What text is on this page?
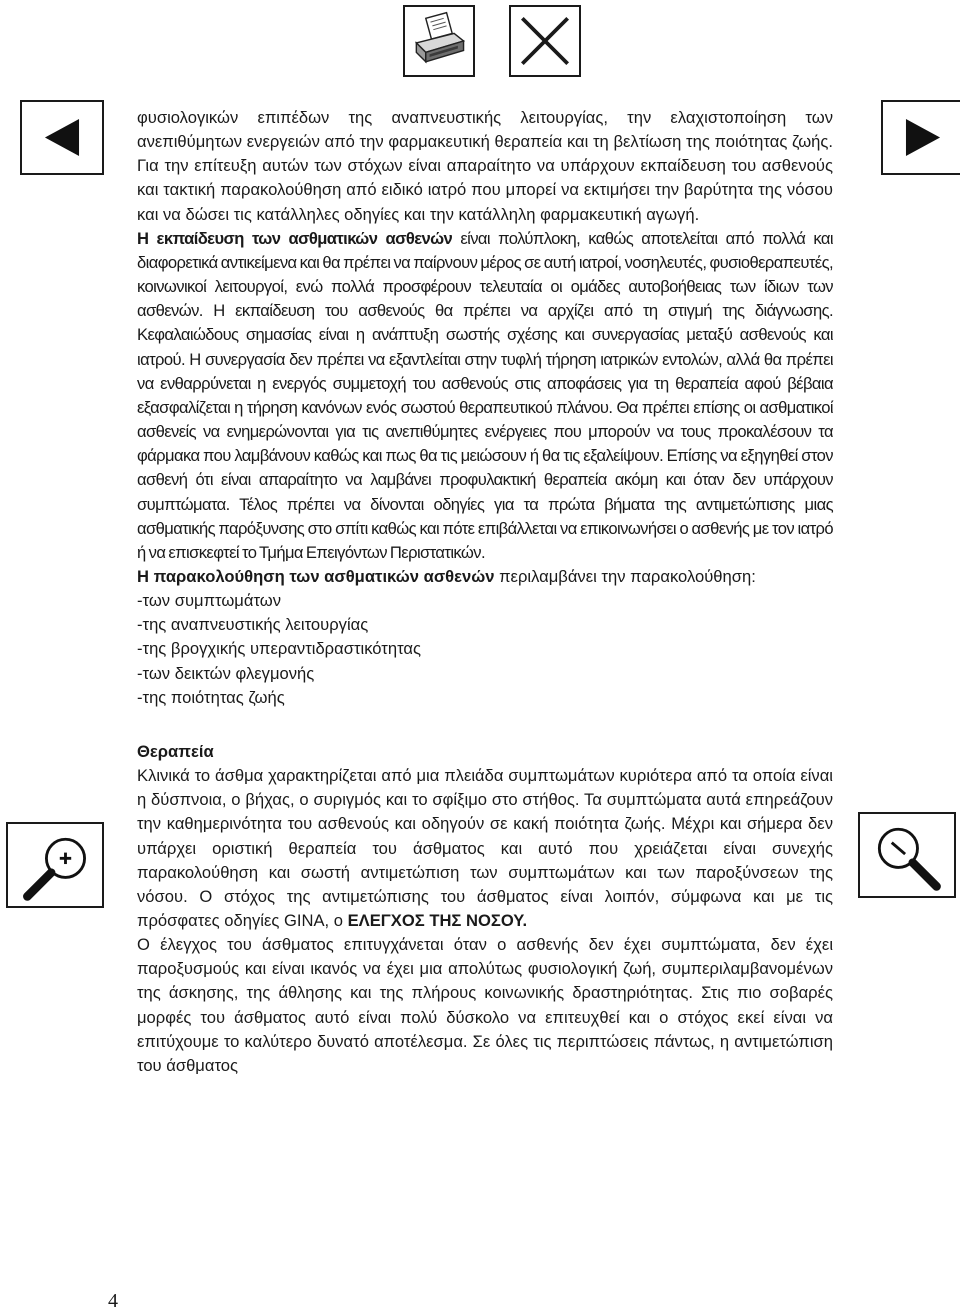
φυσιολογικών επιπέδων της αναπνευστικής λειτουργίας, την ελαχιστοποίηση των ανεπιθύμητων ενεργειών από την φαρμακευτική θεραπεία και τη βελτίωση της ποιότητας ζωής. Για την επίτευξη αυτών των στόχων είναι απαραίτητο να υπάρχουν εκπαίδευση του ασθενούς και τακτική παρακολούθηση από ειδικό ιατρό που μπορεί να εκτιμήσει την βαρύτητα της νόσου και να δώσει τις κατάλληλες οδηγίες και την κατάλληλη φαρμακευτική αγωγή.

Η εκπαίδευση των ασθματικών ασθενών είναι πολύπλοκη, καθώς αποτελείται από πολλά και διαφορετικά αντικείμενα και θα πρέπει να παίρνουν μέρος σε αυτή ιατροί, νοσηλευτές, φυσιοθεραπευτές, κοινωνικοί λειτουργοί, ενώ πολλά προσφέρουν τελευταία οι ομάδες αυτοβοήθειας των ίδιων των ασθενών. Η εκπαίδευση του ασθενούς θα πρέπει να αρχίζει από τη στιγμή της διάγνωσης. Κεφαλαιώδους σημασίας είναι η ανάπτυξη σωστής σχέσης και συνεργασίας μεταξύ ασθενούς και ιατρού. Η συνεργασία δεν πρέπει να εξαντλείται στην τυφλή τήρηση ιατρικών εντολών, αλλά θα πρέπει να ενθαρρύνεται η ενεργός συμμετοχή του ασθενούς στις αποφάσεις για τη θεραπεία αφού βέβαια εξασφαλίζεται η τήρηση κανόνων ενός σωστού θεραπευτικού πλάνου. Θα πρέπει επίσης οι ασθματικοί ασθενείς να ενημερώνονται για τις ανεπιθύμητες ενέργειες που μπορούν να τους προκαλέσουν τα φάρμακα που λαμβάνουν καθώς και πως θα τις μειώσουν ή θα τις εξαλείψουν. Επίσης να εξηγηθεί στον ασθενή ότι είναι απαραίτητο να λαμβάνει προφυλακτική θεραπεία ακόμη και όταν δεν υπάρχουν συμπτώματα. Τέλος πρέπει να δίνονται οδηγίες για τα πρώτα βήματα της αντιμετώπισης μιας ασθματικής παρόξυνσης στο σπίτι καθώς και πότε επιβάλλεται να επικοινωνήσει ο ασθενής με τον ιατρό ή να επισκεφτεί το Τμήμα Επειγόντων Περιστατικών.

Η παρακολούθηση των ασθματικών ασθενών περιλαμβάνει την παρακολούθηση:

-των συμπτωμάτων
-της αναπνευστικής λειτουργίας
-της βρογχικής υπεραντιδραστικότητας
-των δεικτών φλεγμονής
-της ποιότητας ζωής

Θεραπεία

Κλινικά το άσθμα χαρακτηρίζεται από μια πλειάδα συμπτωμάτων κυριότερα από τα οποία είναι η δύσπνοια, ο βήχας, ο συριγμός και το σφίξιμο στο στήθος. Τα συμπτώματα αυτά επηρεάζουν την καθημερινότητα του ασθενούς και οδηγούν σε κακή ποιότητα ζωής. Μέχρι και σήμερα δεν υπάρχει οριστική θεραπεία του άσθματος και αυτό που χρειάζεται είναι συνεχής παρακολούθηση και σωστή αντιμετώπιση των συμπτωμάτων και των παροξύνσεων της νόσου. Ο στόχος της αντιμετώπισης του άσθματος είναι λοιπόν, σύμφωνα και με τις πρόσφατες οδηγίες GINA, ο ΕΛΕΓΧΟΣ ΤΗΣ ΝΟΣΟΥ.

Ο έλεγχος του άσθματος επιτυγχάνεται όταν ο ασθενής δεν έχει συμπτώματα, δεν έχει παροξυσμούς και είναι ικανός να έχει μια απολύτως φυσιολογική ζωή, συμπεριλαμβανομένων της άσκησης, της άθλησης και της πλήρους κοινωνικής δραστηριότητας. Στις πιο σοβαρές μορφές του άσθματος αυτό είναι πολύ δύσκολο να επιτευχθεί και ο στόχος εκεί είναι να επιτύχουμε το καλύτερο δυνατό αποτέλεσμα. Σε όλες τις περιπτώσεις πάντως, η αντιμετώπιση του άσθματος

4
